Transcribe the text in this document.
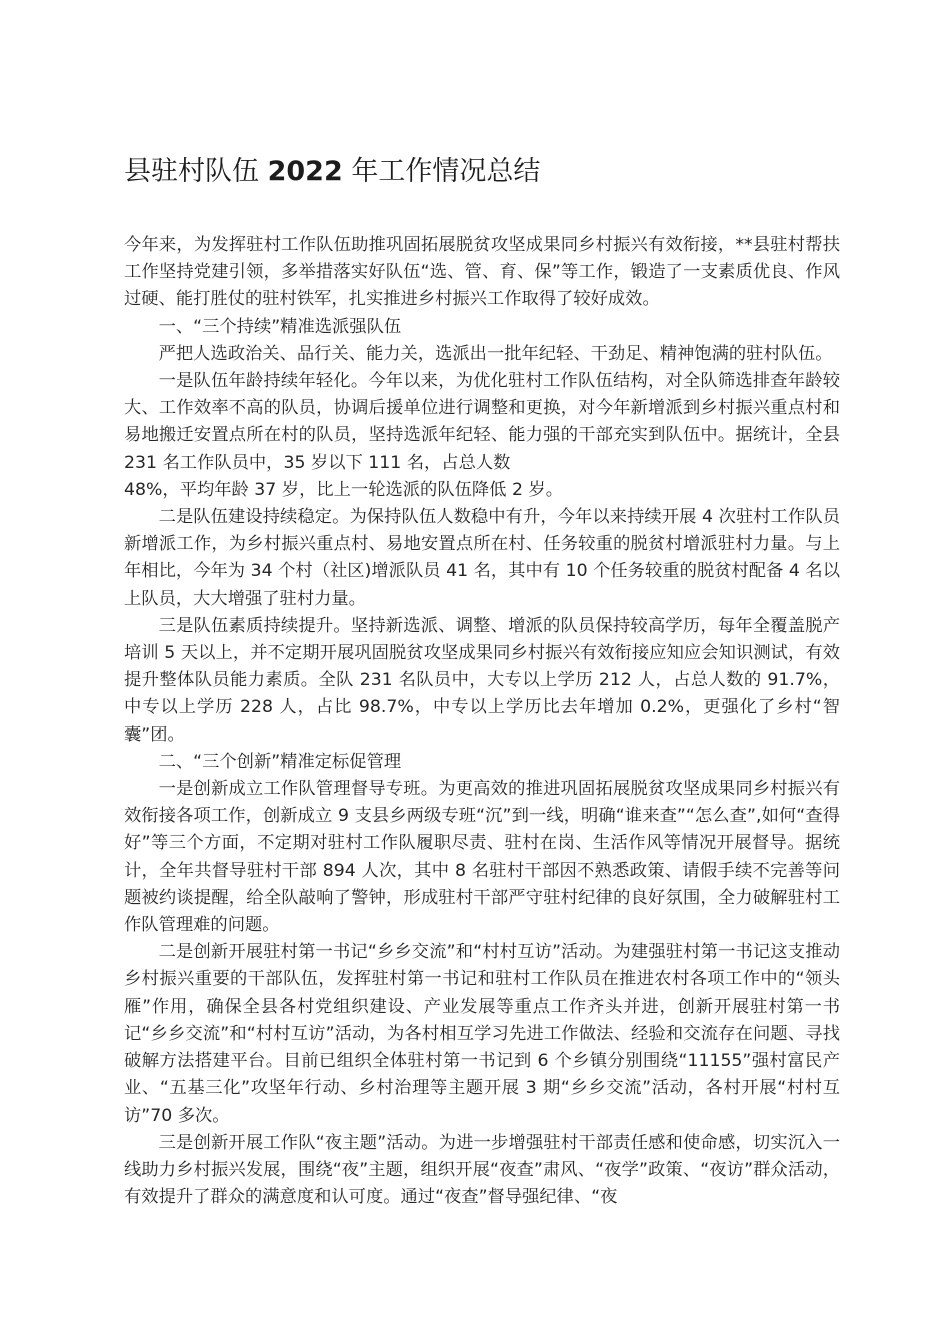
县驻村队伍 2022 年工作情况总结

今年来，为发挥驻村工作队伍助推巩固拓展脱贫攻坚成果同乡村振兴有效衔接，**县驻村帮扶工作坚持党建引领，多举措落实好队伍“选、管、育、保”等工作，锻造了一支素质优良、作风过硬、能打胜仗的驻村铁军，扎实推进乡村振兴工作取得了较好成效。

一、“三个持续”精准选派强队伍

严把人选政治关、品行关、能力关，选派出一批年纪轻、干劲足、精神饱满的驻村队伍。

一是队伍年龄持续年轻化。今年以来，为优化驻村工作队伍结构，对全队筛选排查年龄较大、工作效率不高的队员，协调后援单位进行调整和更换，对今年新增派到乡村振兴重点村和易地搬迁安置点所在村的队员，坚持选派年纪轻、能力强的干部充实到队伍中。据统计，全县 231 名工作队员中，35 岁以下 111 名，占总人数
48%，平均年龄 37 岁，比上一轮选派的队伍降低 2 岁。

二是队伍建设持续稳定。为保持队伍人数稳中有升，今年以来持续开展 4 次驻村工作队员新增派工作，为乡村振兴重点村、易地安置点所在村、任务较重的脱贫村增派驻村力量。与上年相比，今年为 34 个村（社区)增派队员 41 名，其中有 10 个任务较重的脱贫村配备 4 名以上队员，大大增强了驻村力量。

三是队伍素质持续提升。坚持新选派、调整、增派的队员保持较高学历，每年全覆盖脱产培训 5 天以上，并不定期开展巩固脱贫攻坚成果同乡村振兴有效衔接应知应会知识测试，有效提升整体队员能力素质。全队 231 名队员中，大专以上学历 212 人，占总人数的 91.7%，中专以上学历 228 人，占比 98.7%，中专以上学历比去年增加 0.2%，更强化了乡村“智囊”团。

二、“三个创新”精准定标促管理

一是创新成立工作队管理督导专班。为更高效的推进巩固拓展脱贫攻坚成果同乡村振兴有效衔接各项工作，创新成立 9 支县乡两级专班“沉”到一线，明确“谁来查”“怎么查”,如何“查得好”等三个方面，不定期对驻村工作队履职尽责、驻村在岗、生活作风等情况开展督导。据统计，全年共督导驻村干部 894 人次，其中 8 名驻村干部因不熟悉政策、请假手续不完善等问题被约谈提醒，给全队敲响了警钟，形成驻村干部严守驻村纪律的良好氛围，全力破解驻村工作队管理难的问题。

二是创新开展驻村第一书记“乡乡交流”和“村村互访”活动。为建强驻村第一书记这支推动乡村振兴重要的干部队伍，发挥驻村第一书记和驻村工作队员在推进农村各项工作中的“领头雁”作用，确保全县各村党组织建设、产业发展等重点工作齐头并进，创新开展驻村第一书记“乡乡交流”和“村村互访”活动，为各村相互学习先进工作做法、经验和交流存在问题、寻找破解方法搭建平台。目前已组织全体驻村第一书记到 6 个乡镇分别围绕“11155”强村富民产业、“五基三化”攻坚年行动、乡村治理等主题开展 3 期“乡乡交流”活动，各村开展“村村互访”70 多次。

三是创新开展工作队“夜主题”活动。为进一步增强驻村干部责任感和使命感，切实沉入一线助力乡村振兴发展，围绕“夜”主题，组织开展“夜查”肃风、“夜学”政策、“夜访”群众活动，有效提升了群众的满意度和认可度。通过“夜查”督导强纪律、“夜
